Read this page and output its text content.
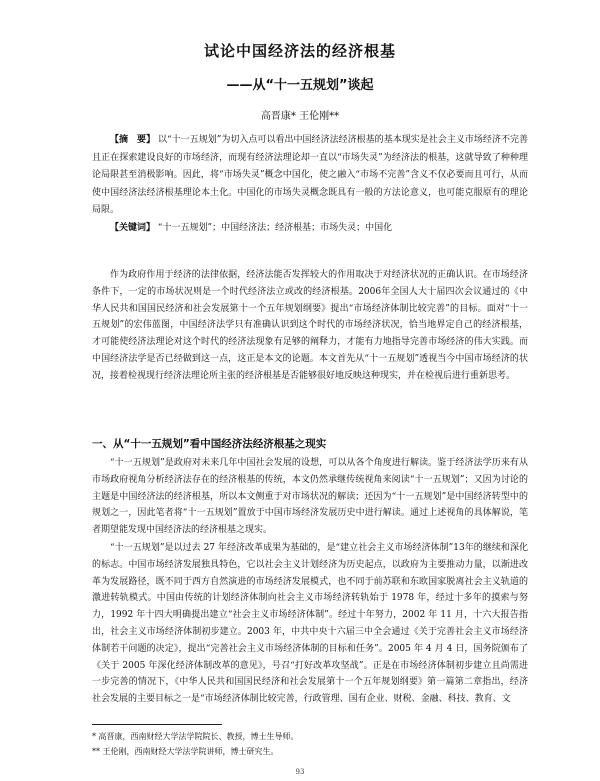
试论中国经济法的经济根基
——从“十一五规划”谈起
高晋康* 王伦刚**
【摘　要】 以“十一五规划”为切入点可以看出中国经济法经济根基的基本现实是社会主义市场经济不完善且正在探索建设良好的市场经济，而现有经济法理论却一直以“市场失灵”为经济法的根基，这就导致了种种理论局限甚至消极影响。因此，将“市场失灵”概念中国化，使之融入“市场不完善”含义不仅必要而且可行，从而使中国经济法经济根基理论本土化。中国化的市场失灵概念既具有一般的方法论意义，也可能克服原有的理论局限。
【关键词】 “十一五规划”；中国经济法；经济根基；市场失灵；中国化

作为政府作用于经济的法律依据，经济法能否发挥较大的作用取决于对经济状况的正确认识。在市场经济条件下，一定的市场状况则是一个时代经济法立或改的经济根基。2006年全国人大十届四次会议通过的《中华人民共和国国民经济和社会发展第十一个五年规划纲要》提出“市场经济体制比较完善”的目标。面对“十一五规划”的宏伟蓝图，中国经济法学只有准确认识到这个时代的市场经济状况，恰当地界定自己的经济根基，才可能使经济法理论对这个时代的经济法现象有足够的阐释力，才能有力地指导完善市场经济的伟大实践。而中国经济法学是否已经做到这一点，这正是本文的论题。本文首先从“十一五规划”透视当今中国市场经济的状况，接着检视现行经济法理论所主张的经济根基是否能够很好地反映这种现实，并在检视后进行重新思考。

一、从“十一五规划”看中国经济法经济根基之现实

“十一五规划”是政府对未来几年中国社会发展的设想，可以从各个角度进行解读。鉴于经济法学历来有从市场政府视角分析经济法存在的经济根基的传统，本文仍然承继传统视角来阅读“十一五规划”；又因为讨论的主题是中国经济法的经济根基，所以本文侧重于对市场状况的解读；还因为“十一五规划”是中国经济转型中的规划之一，因此笔者将“十一五规划”置放于中国市场经济发展历史中进行解读。通过上述视角的具体解说，笔者期望能发现中国经济法的经济根基之现实。

“十一五规划”是以过去 27 年经济改革成果为基础的，是“建立社会主义市场经济体制”13年的继续和深化的标志。中国市场经济发展独具特色，它以社会主义计划经济为历史起点，以政府为主要推动力量，以渐进改革为发展路径，既不同于西方自然演进的市场经济发展模式，也不同于前苏联和东欧国家脱离社会主义轨道的激进转轨模式。中国由传统的计划经济体制向社会主义市场经济转轨始于 1978 年，经过十多年的摸索与努力，1992 年十四大明确提出建立“社会主义市场经济体制”。经过十年努力，2002 年 11 月，十六大报告指出，社会主义市场经济体制初步建立。2003 年，中共中央十六届三中全会通过《关于完善社会主义市场经济体制若干问题的决定》，提出“完善社会主义市场经济体制的目标和任务”。2005 年 4 月 4 日，国务院颁布了《关于 2005 年深化经济体制改革的意见》，号召“打好改革攻坚战”。正是在市场经济体制初步建立且尚需进一步完善的情况下，《中华人民共和国国民经济和社会发展第十一个五年规划纲要》第一篇第二章指出，经济社会发展的主要目标之一是“市场经济体制比较完善，行政管理、国有企业、财税、金融、科技、教育、文

* 高晋康，西南财经大学法学院院长、教授，博士生导师。
** 王伦刚，西南财经大学法学院讲师，博士研究生。
93
